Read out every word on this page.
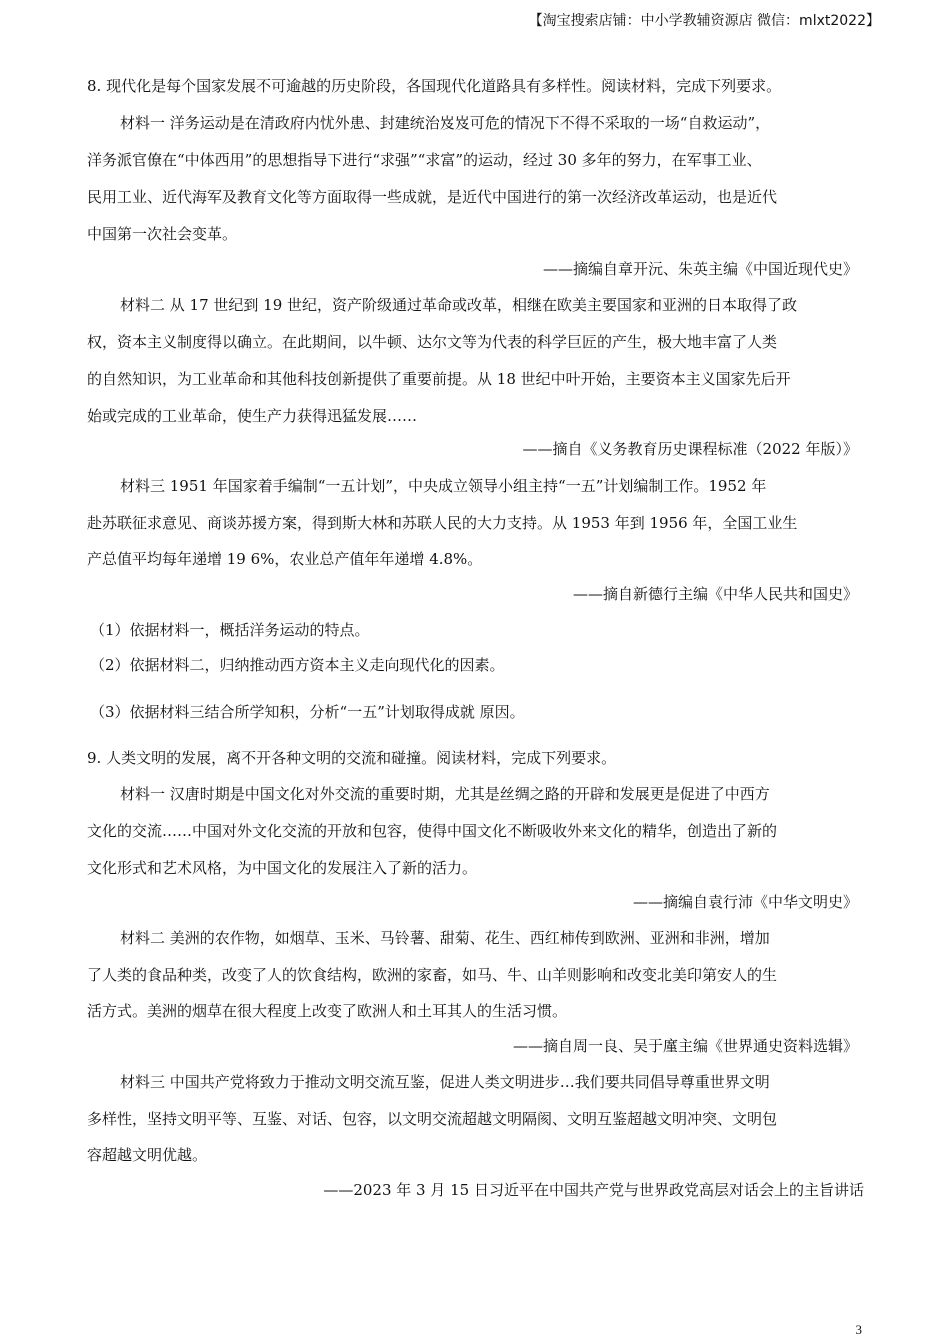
【淘宝搜索店铺：中小学教辅资源店 微信：mlxt2022】
8. 现代化是每个国家发展不可逾越的历史阶段，各国现代化道路具有多样性。阅读材料，完成下列要求。
材料一 洋务运动是在清政府内忧外患、封建统治岌岌可危的情况下不得不采取的一场“自救运动”，
洋务派官僚在“中体西用”的思想指导下进行“求强”“求富”的运动，经过 30 多年的努力，在军事工业、
民用工业、近代海军及教育文化等方面取得一些成就，是近代中国进行的第一次经济改革运动，也是近代
中国第一次社会变革。
——摘编自章开沅、朱英主编《中国近现代史》
材料二 从 17 世纪到 19 世纪，资产阶级通过革命或改革，相继在欧美主要国家和亚洲的日本取得了政
权，资本主义制度得以确立。在此期间，以牛顿、达尔文等为代表的科学巨匠的产生，极大地丰富了人类
的自然知识，为工业革命和其他科技创新提供了重要前提。从 18 世纪中叶开始，主要资本主义国家先后开
始或完成的工业革命，使生产力获得迅猛发展……
——摘自《义务教育历史课程标准（2022 年版）》
材料三 1951 年国家着手编制“一五计划”，中央成立领导小组主持“一五”计划编制工作。1952 年
赴苏联征求意见、商谈苏援方案，得到斯大林和苏联人民的大力支持。从 1953 年到 1956 年，全国工业生
产总值平均每年递增 19 6%，农业总产值年年递增 4.8%。
——摘自新德行主编《中华人民共和国史》
（1）依据材料一，概括洋务运动的特点。
（2）依据材料二，归纳推动西方资本主义走向现代化的因素。
（3）依据材料三结合所学知积，分析“一五”计划取得成就 原因。
9. 人类文明的发展，离不开各种文明的交流和碰撞。阅读材料，完成下列要求。
材料一 汉唐时期是中国文化对外交流的重要时期，尤其是丝绸之路的开辟和发展更是促进了中西方
文化的交流……中国对外文化交流的开放和包容，使得中国文化不断吸收外来文化的精华，创造出了新的
文化形式和艺术风格，为中国文化的发展注入了新的活力。
——摘编自袁行沛《中华文明史》
材料二 美洲的农作物，如烟草、玉米、马铃薯、甜菊、花生、西红柿传到欧洲、亚洲和非洲，增加
了人类的食品种类，改变了人的饮食结构，欧洲的家畜，如马、牛、山羊则影响和改变北美印第安人的生
活方式。美洲的烟草在很大程度上改变了欧洲人和土耳其人的生活习惯。
——摘自周一良、吴于廑主编《世界通史资料选辑》
材料三 中国共产党将致力于推动文明交流互鉴，促进人类文明进步…我们要共同倡导尊重世界文明
多样性，坚持文明平等、互鉴、对话、包容，以文明交流超越文明隔阂、文明互鉴超越文明冲突、文明包
容超越文明优越。
——2023 年 3 月 15 日习近平在中国共产党与世界政党高层对话会上的主旨讲话
3
